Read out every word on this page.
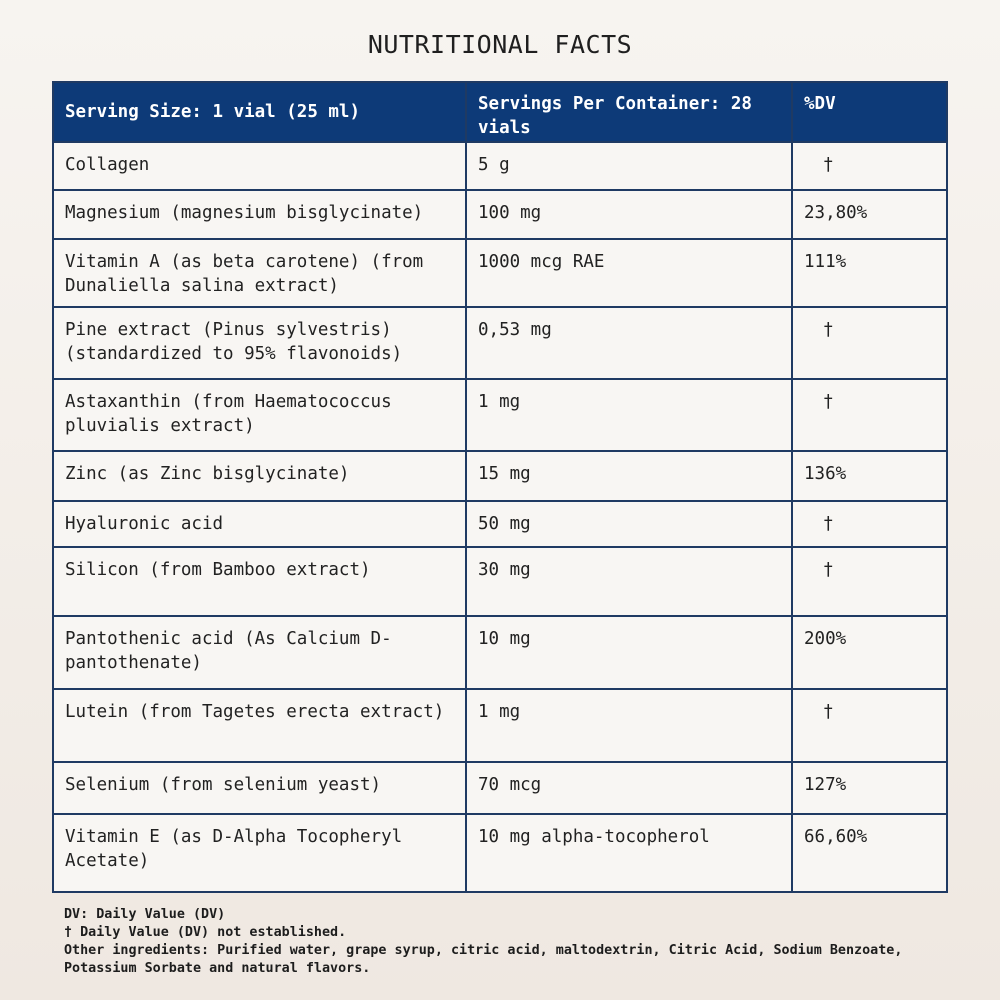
NUTRITIONAL FACTS
Serving Size: 1 vial (25 ml)	Servings Per Container: 28 vials	%DV
Collagen	5 g	†
Magnesium (magnesium bisglycinate)	100 mg	23,80%
Vitamin A (as beta carotene) (from Dunaliella salina extract)	1000 mcg RAE	111%
Pine extract (Pinus sylvestris) (standardized to 95% flavonoids)	0,53 mg	†
Astaxanthin (from Haematococcus pluvialis extract)	1 mg	†
Zinc (as Zinc bisglycinate)	15 mg	136%
Hyaluronic acid	50 mg	†
Silicon (from Bamboo extract)	30 mg	†
Pantothenic acid (As Calcium D-pantothenate)	10 mg	200%
Lutein (from Tagetes erecta extract)	1 mg	†
Selenium (from selenium yeast)	70 mcg	127%
Vitamin E (as D-Alpha Tocopheryl Acetate)	10 mg alpha-tocopherol	66,60%
DV: Daily Value (DV)
† Daily Value (DV) not established.
Other ingredients: Purified water, grape syrup, citric acid, maltodextrin, Citric Acid, Sodium Benzoate, Potassium Sorbate and natural flavors.
